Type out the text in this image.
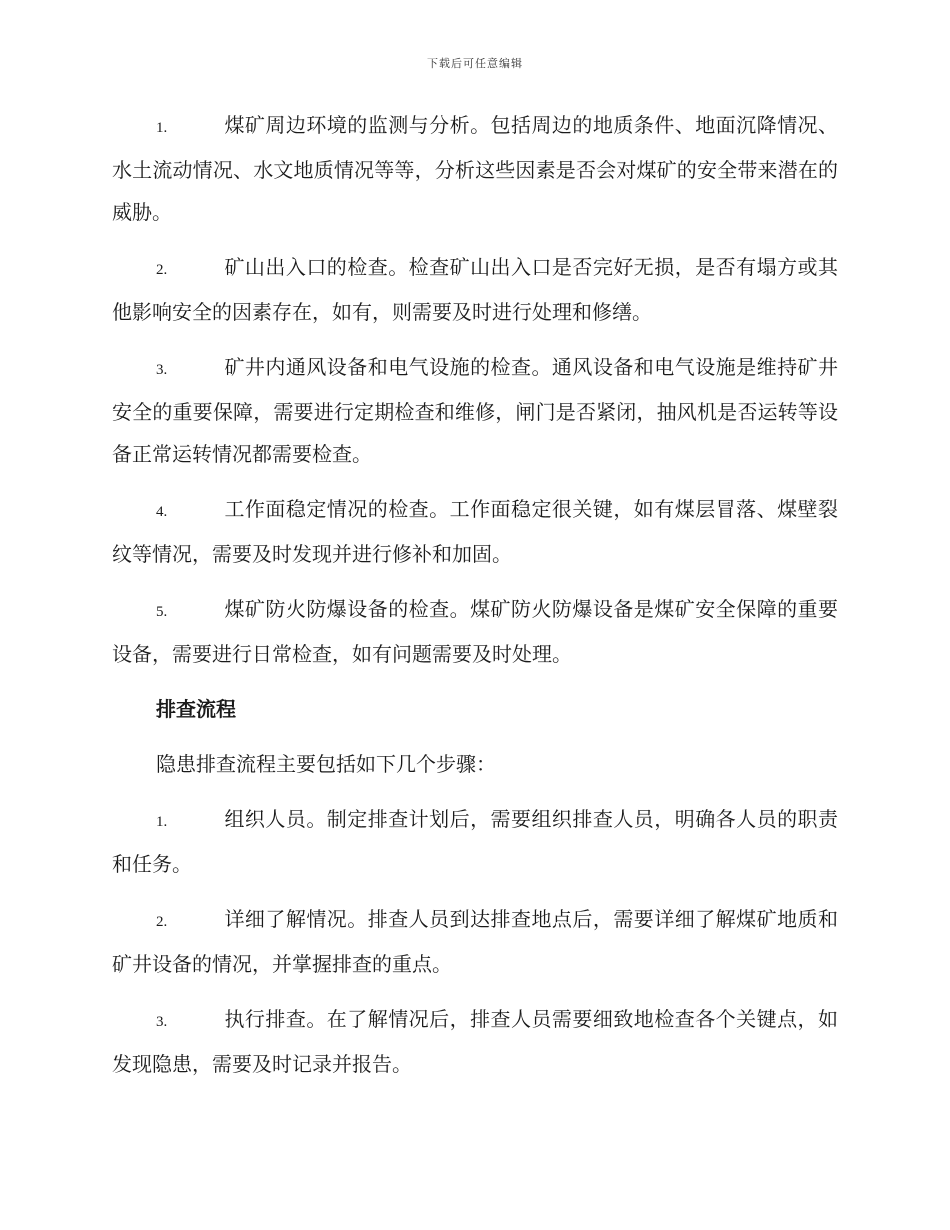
下载后可任意编辑

1.	煤矿周边环境的监测与分析。包括周边的地质条件、地面沉降情况、水土流动情况、水文地质情况等等，分析这些因素是否会对煤矿的安全带来潜在的威胁。

2.	矿山出入口的检查。检查矿山出入口是否完好无损，是否有塌方或其他影响安全的因素存在，如有，则需要及时进行处理和修缮。

3.	矿井内通风设备和电气设施的检查。通风设备和电气设施是维持矿井安全的重要保障，需要进行定期检查和维修，闸门是否紧闭，抽风机是否运转等设备正常运转情况都需要检查。

4.	工作面稳定情况的检查。工作面稳定很关键，如有煤层冒落、煤壁裂纹等情况，需要及时发现并进行修补和加固。

5.	煤矿防火防爆设备的检查。煤矿防火防爆设备是煤矿安全保障的重要设备，需要进行日常检查，如有问题需要及时处理。

排查流程

隐患排查流程主要包括如下几个步骤：

1.	组织人员。制定排查计划后，需要组织排查人员，明确各人员的职责和任务。

2.	详细了解情况。排查人员到达排查地点后，需要详细了解煤矿地质和矿井设备的情况，并掌握排查的重点。

3.	执行排查。在了解情况后，排查人员需要细致地检查各个关键点，如发现隐患，需要及时记录并报告。
